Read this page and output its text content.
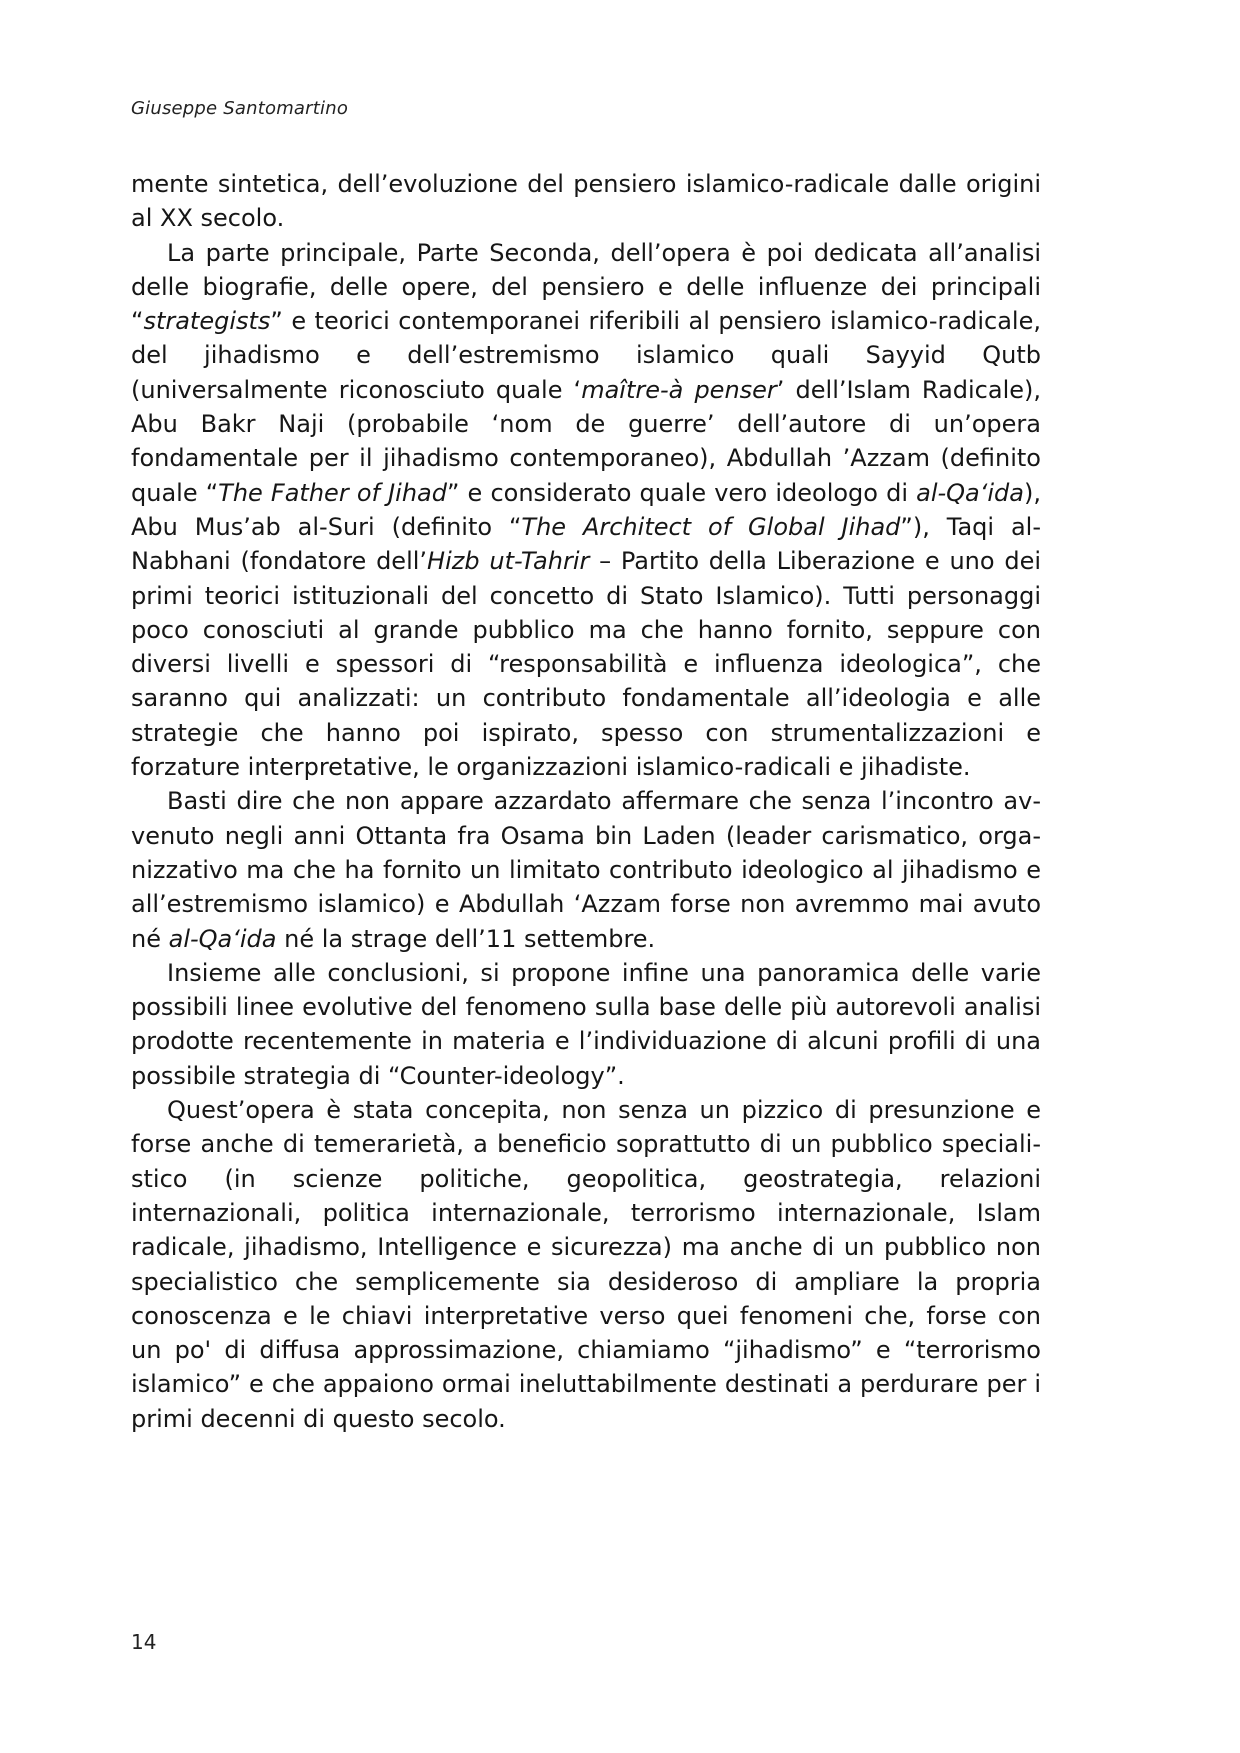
Giuseppe Santomartino

mente sintetica, dell’evoluzione del pensiero islamico-radicale dalle origini al XX secolo.

La parte principale, Parte Seconda, dell’opera è poi dedicata all’analisi delle biografie, delle opere, del pensiero e delle influenze dei principali “strategists” e teorici contemporanei riferibili al pensiero islamico-radicale, del jihadismo e dell’estremismo islamico quali Sayyid Qutb (universalmente riconosciuto quale ‘maître-à penser’ dell’Islam Radicale), Abu Bakr Naji (probabile ‘nom de guerre’ dell’autore di un’opera fondamentale per il jihadismo contemporaneo), Abdullah ’Azzam (definito quale “The Father of Jihad” e considerato quale vero ideologo di al-Qa‘ida), Abu Mus’ab al-Suri (definito “The Architect of Global Jihad”), Taqi al-Nabhani (fondatore dell’Hizb ut-Tahrir – Partito della Liberazione e uno dei primi teorici istituzionali del concetto di Stato Islamico). Tutti personaggi poco conosciuti al grande pubblico ma che hanno fornito, seppure con diversi livelli e spessori di “responsabilità e influenza ideologica”, che saranno qui analizzati: un contributo fondamentale all’ideologia e alle strategie che hanno poi ispirato, spesso con strumentalizzazioni e forzature interpretative, le organizzazioni islamico-radicali e jihadiste.

Basti dire che non appare azzardato affermare che senza l’incontro avvenuto negli anni Ottanta fra Osama bin Laden (leader carismatico, organizzativo ma che ha fornito un limitato contributo ideologico al jihadismo e all’estremismo islamico) e Abdullah ‘Azzam forse non avremmo mai avuto né al-Qa‘ida né la strage dell’11 settembre.

Insieme alle conclusioni, si propone infine una panoramica delle varie possibili linee evolutive del fenomeno sulla base delle più autorevoli analisi prodotte recentemente in materia e l’individuazione di alcuni profili di una possibile strategia di “Counter-ideology”.

Quest’opera è stata concepita, non senza un pizzico di presunzione e forse anche di temerarietà, a beneficio soprattutto di un pubblico specialistico (in scienze politiche, geopolitica, geostrategia, relazioni internazionali, politica internazionale, terrorismo internazionale, Islam radicale, jihadismo, Intelligence e sicurezza) ma anche di un pubblico non specialistico che semplicemente sia desideroso di ampliare la propria conoscenza e le chiavi interpretative verso quei fenomeni che, forse con un po' di diffusa approssimazione, chiamiamo “jihadismo” e “terrorismo islamico” e che appaiono ormai ineluttabilmente destinati a perdurare per i primi decenni di questo secolo.

14
